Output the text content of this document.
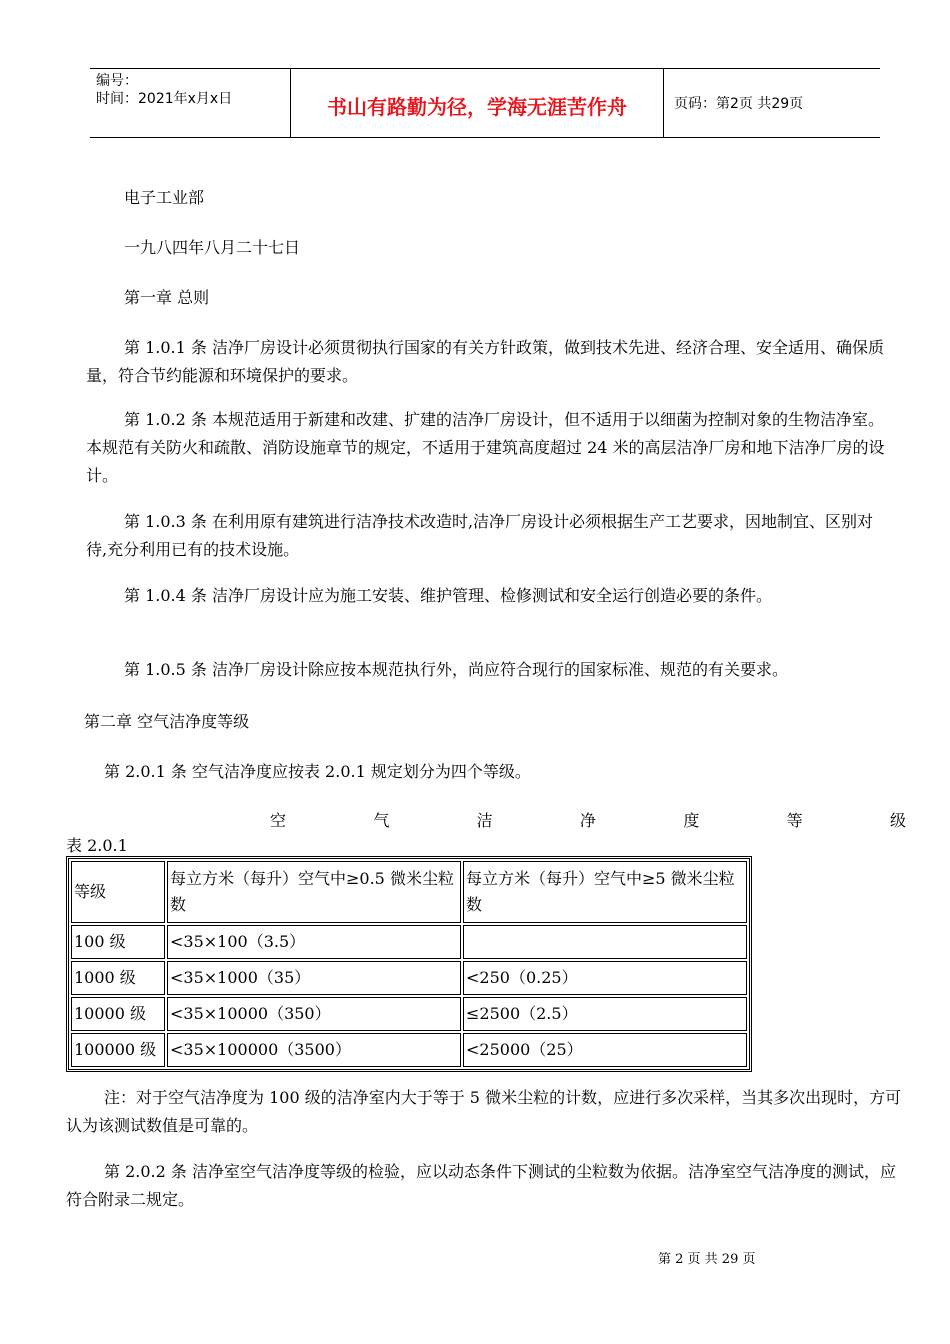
编号：
时间：2021年x月x日	书山有路勤为径，学海无涯苦作舟	页码：第2页 共29页
电子工业部
一九八四年八月二十七日
第一章 总则
第 1.0.1 条 洁净厂房设计必须贯彻执行国家的有关方针政策，做到技术先进、经济合理、安全适用、确保质量，符合节约能源和环境保护的要求。
第 1.0.2 条 本规范适用于新建和改建、扩建的洁净厂房设计，但不适用于以细菌为控制对象的生物洁净室。本规范有关防火和疏散、消防设施章节的规定，不适用于建筑高度超过 24 米的高层洁净厂房和地下洁净厂房的设计。
第 1.0.3 条 在利用原有建筑进行洁净技术改造时,洁净厂房设计必须根据生产工艺要求，因地制宜、区别对待,充分利用已有的技术设施。
第 1.0.4 条 洁净厂房设计应为施工安装、维护管理、检修测试和安全运行创造必要的条件。
第 1.0.5 条 洁净厂房设计除应按本规范执行外，尚应符合现行的国家标准、规范的有关要求。
第二章 空气洁净度等级
第 2.0.1 条 空气洁净度应按表 2.0.1 规定划分为四个等级。
空	气	洁	净	度	等	级
表 2.0.1
等级	每立方米（每升）空气中≥0.5 微米尘粒数	每立方米（每升）空气中≥5 微米尘粒数
100 级	<35×100（3.5）	
1000 级	<35×1000（35）	<250（0.25）
10000 级	<35×10000（350）	≤2500（2.5）
100000 级	<35×100000（3500）	<25000（25）
注：对于空气洁净度为 100 级的洁净室内大于等于 5 微米尘粒的计数，应进行多次采样，当其多次出现时，方可认为该测试数值是可靠的。
第 2.0.2 条 洁净室空气洁净度等级的检验，应以动态条件下测试的尘粒数为依据。洁净室空气洁净度的测试，应符合附录二规定。
第 2 页 共 29 页
